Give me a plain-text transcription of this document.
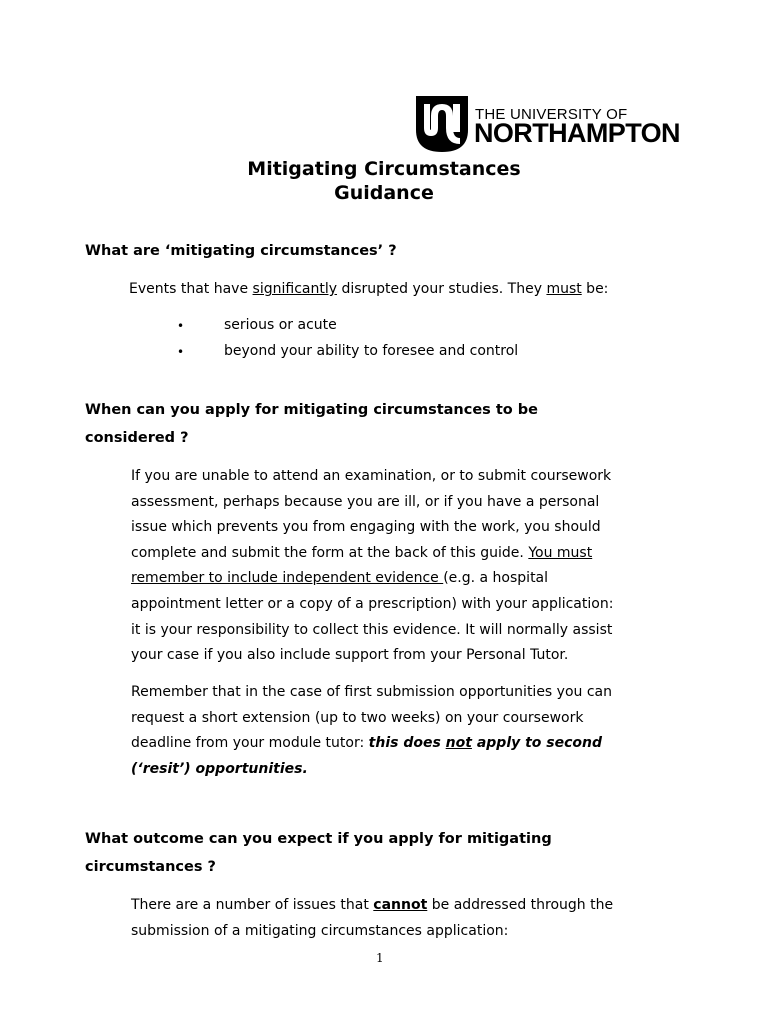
THE UNIVERSITY OF
NORTHAMPTON
Mitigating Circumstances
Guidance
What are ‘mitigating circumstances’ ?
Events that have significantly disrupted your studies. They must be:
•	serious or acute
•	beyond your ability to foresee and control
When can you apply for mitigating circumstances to be
considered ?
If you are unable to attend an examination, or to submit coursework
assessment, perhaps because you are ill, or if you have a personal
issue which prevents you from engaging with the work, you should
complete and submit the form at the back of this guide. You must
remember to include independent evidence (e.g. a hospital
appointment letter or a copy of a prescription) with your application:
it is your responsibility to collect this evidence. It will normally assist
your case if you also include support from your Personal Tutor.
Remember that in the case of first submission opportunities you can
request a short extension (up to two weeks) on your coursework
deadline from your module tutor: this does not apply to second
(‘resit’) opportunities.
What outcome can you expect if you apply for mitigating
circumstances ?
There are a number of issues that cannot be addressed through the
submission of a mitigating circumstances application:
1
